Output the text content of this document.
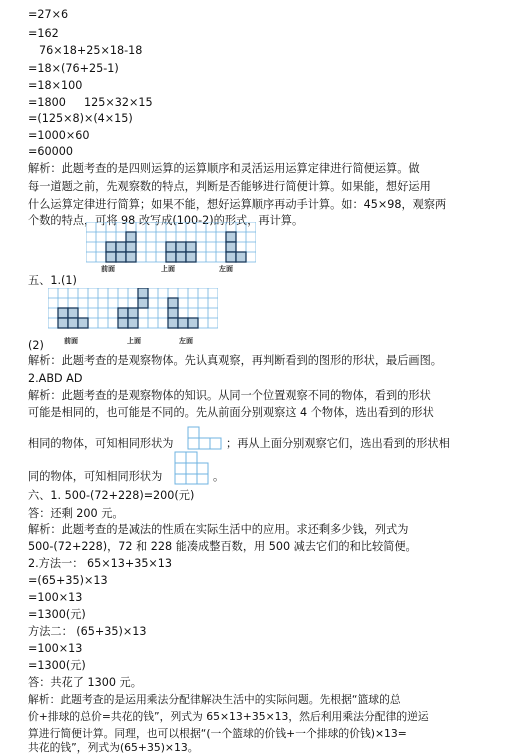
=27×6
=162
76×18+25×18-18
=18×(76+25-1)
=18×100
=1800 125×32×15
=(125×8)×(4×15)
=1000×60
=60000
解析：此题考查的是四则运算的运算顺序和灵活运用运算定律进行简便运算。做
每一道题之前，先观察数的特点，判断是否能够进行简便计算。如果能，想好运用
什么运算定律进行简算；如果不能，想好运算顺序再动手计算。如：45×98，观察两
个数的特点，可将 98 改写成(100-2)的形式，再计算。
前面	上面	左面
五、1.(1)
(2)	前面	上面	左面
解析：此题考查的是观察物体。先认真观察，再判断看到的图形的形状，最后画图。
2.ABD AD
解析：此题考查的是观察物体的知识。从同一个位置观察不同的物体，看到的形状
可能是相同的，也可能是不同的。先从前面分别观察这 4 个物体，选出看到的形状
相同的物体，可知相同形状为	；再从上面分别观察它们，选出看到的形状相
同的物体，可知相同形状为	。
六、1. 500-(72+228)=200(元)
答：还剩 200 元。
解析：此题考查的是减法的性质在实际生活中的应用。求还剩多少钱，列式为
500-(72+228)，72 和 228 能凑成整百数，用 500 减去它们的和比较简便。
2.方法一： 65×13+35×13
=(65+35)×13
=100×13
=1300(元)
方法二： (65+35)×13
=100×13
=1300(元)
答：共花了 1300 元。
解析：此题考查的是运用乘法分配律解决生活中的实际问题。先根据“篮球的总
价+排球的总价=共花的钱”，列式为 65×13+35×13，然后利用乘法分配律的逆运
算进行简便计算。同理，也可以根据“(一个篮球的价钱+一个排球的价钱)×13=
共花的钱”，列式为(65+35)×13。
